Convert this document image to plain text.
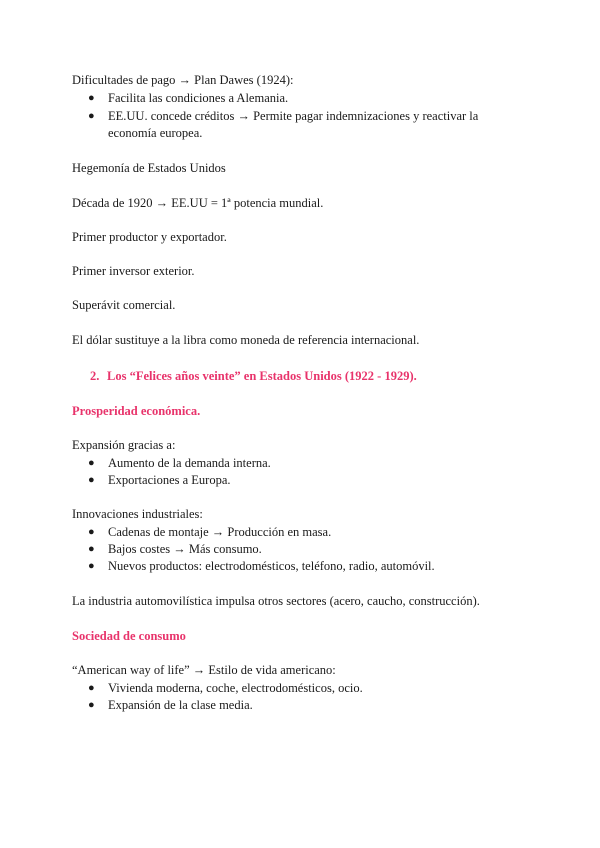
Dificultades de pago → Plan Dawes (1924):
● Facilita las condiciones a Alemania.
● EE.UU. concede créditos → Permite pagar indemnizaciones y reactivar la
economía europea.
Hegemonía de Estados Unidos
Década de 1920 → EE.UU = 1ª potencia mundial.
Primer productor y exportador.
Primer inversor exterior.
Superávit comercial.
El dólar sustituye a la libra como moneda de referencia internacional.
2. Los “Felices años veinte” en Estados Unidos (1922 - 1929).
Prosperidad económica.
Expansión gracias a:
● Aumento de la demanda interna.
● Exportaciones a Europa.
Innovaciones industriales:
● Cadenas de montaje → Producción en masa.
● Bajos costes → Más consumo.
● Nuevos productos: electrodomésticos, teléfono, radio, automóvil.
La industria automovilística impulsa otros sectores (acero, caucho, construcción).
Sociedad de consumo
“American way of life” → Estilo de vida americano:
● Vivienda moderna, coche, electrodomésticos, ocio.
● Expansión de la clase media.
